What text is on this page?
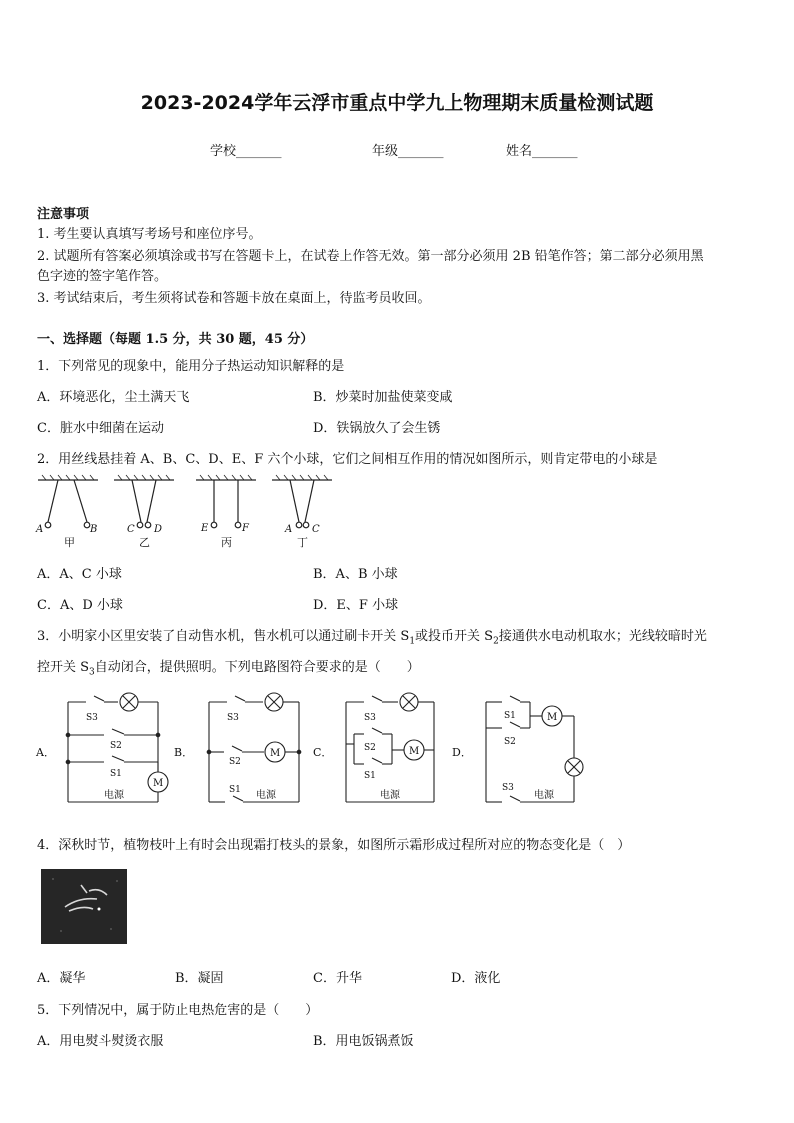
2023-2024学年云浮市重点中学九上物理期末质量检测试题
学校_______	年级_______	姓名_______
注意事项
1. 考生要认真填写考场号和座位序号。
2. 试题所有答案必须填涂或书写在答题卡上，在试卷上作答无效。第一部分必须用 2B 铅笔作答；第二部分必须用黑
色字迹的签字笔作答。
3. 考试结束后，考生须将试卷和答题卡放在桌面上，待监考员收回。
一、选择题（每题 1.5 分，共 30 题，45 分）
1．下列常见的现象中，能用分子热运动知识解释的是
A．环境恶化，尘土满天飞	B．炒菜时加盐使菜变咸
C．脏水中细菌在运动	D．铁锅放久了会生锈
2．用丝线悬挂着 A、B、C、D、E、F 六个小球，它们之间相互作用的情况如图所示，则肯定带电的小球是
A	B	C D	E	F	A C
甲	乙	丙	丁
A．A、C 小球	B．A、B 小球
C．A、D 小球	D．E、F 小球
3．小明家小区里安装了自动售水机，售水机可以通过刷卡开关 $S_1$或投币开关 $S_2$接通供水电动机取水；光线较暗时光
控开关 $S_3$自动闭合，提供照明。下列电路图符合要求的是（　　）
A．	B．	C．	D．
S3
S2
S1
S3
S2
S1
S3
S2
S1
S1
S2
S3
M
M	M
M
电源	电源	电源	电源
4．深秋时节，植物枝叶上有时会出现霜打枝头的景象，如图所示霜形成过程所对应的物态变化是（　）
A．凝华	B．凝固	C．升华	D．液化
5．下列情况中，属于防止电热危害的是（　　）
A．用电熨斗熨烫衣服	B．用电饭锅煮饭
